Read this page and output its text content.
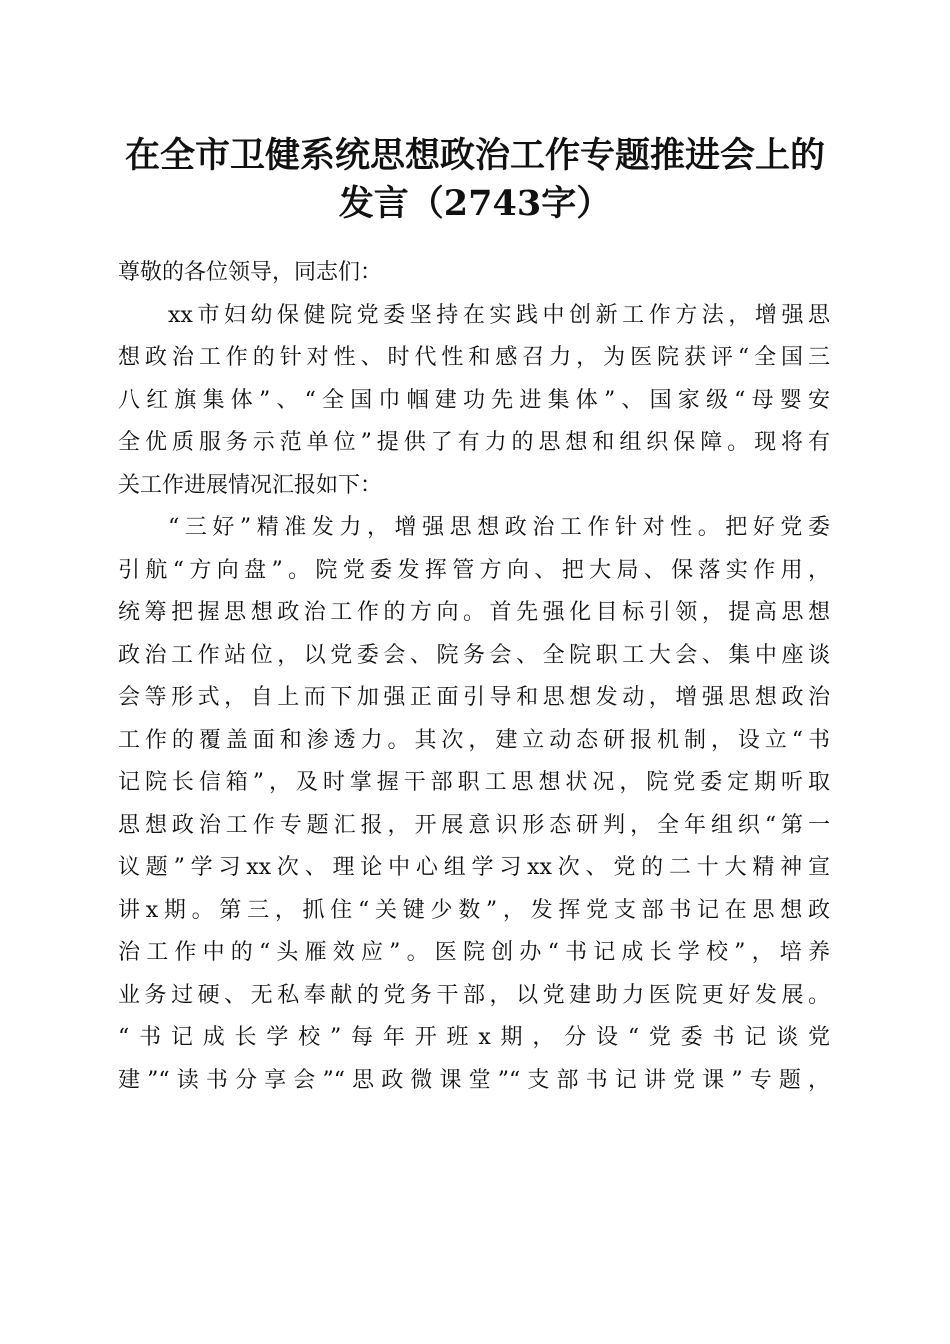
在全市卫健系统思想政治工作专题推进会上的
发言（2743字）
尊敬的各位领导，同志们：
xx市妇幼保健院党委坚持在实践中创新工作方法，增强思
想政治工作的针对性、时代性和感召力，为医院获评“全国三
八红旗集体”、“全国巾帼建功先进集体”、国家级“母婴安
全优质服务示范单位”提供了有力的思想和组织保障。现将有
关工作进展情况汇报如下：
“三好”精准发力，增强思想政治工作针对性。把好党委
引航“方向盘”。院党委发挥管方向、把大局、保落实作用，
统筹把握思想政治工作的方向。首先强化目标引领，提高思想
政治工作站位，以党委会、院务会、全院职工大会、集中座谈
会等形式，自上而下加强正面引导和思想发动，增强思想政治
工作的覆盖面和渗透力。其次，建立动态研报机制，设立“书
记院长信箱”，及时掌握干部职工思想状况，院党委定期听取
思想政治工作专题汇报，开展意识形态研判，全年组织“第一
议题”学习xx次、理论中心组学习xx次、党的二十大精神宣
讲x期。第三，抓住“关键少数”，发挥党支部书记在思想政
治工作中的“头雁效应”。医院创办“书记成长学校”，培养
业务过硬、无私奉献的党务干部，以党建助力医院更好发展。
“书记成长学校”每年开班x期，分设“党委书记谈党
建”“读书分享会”“思政微课堂”“支部书记讲党课”专题，
